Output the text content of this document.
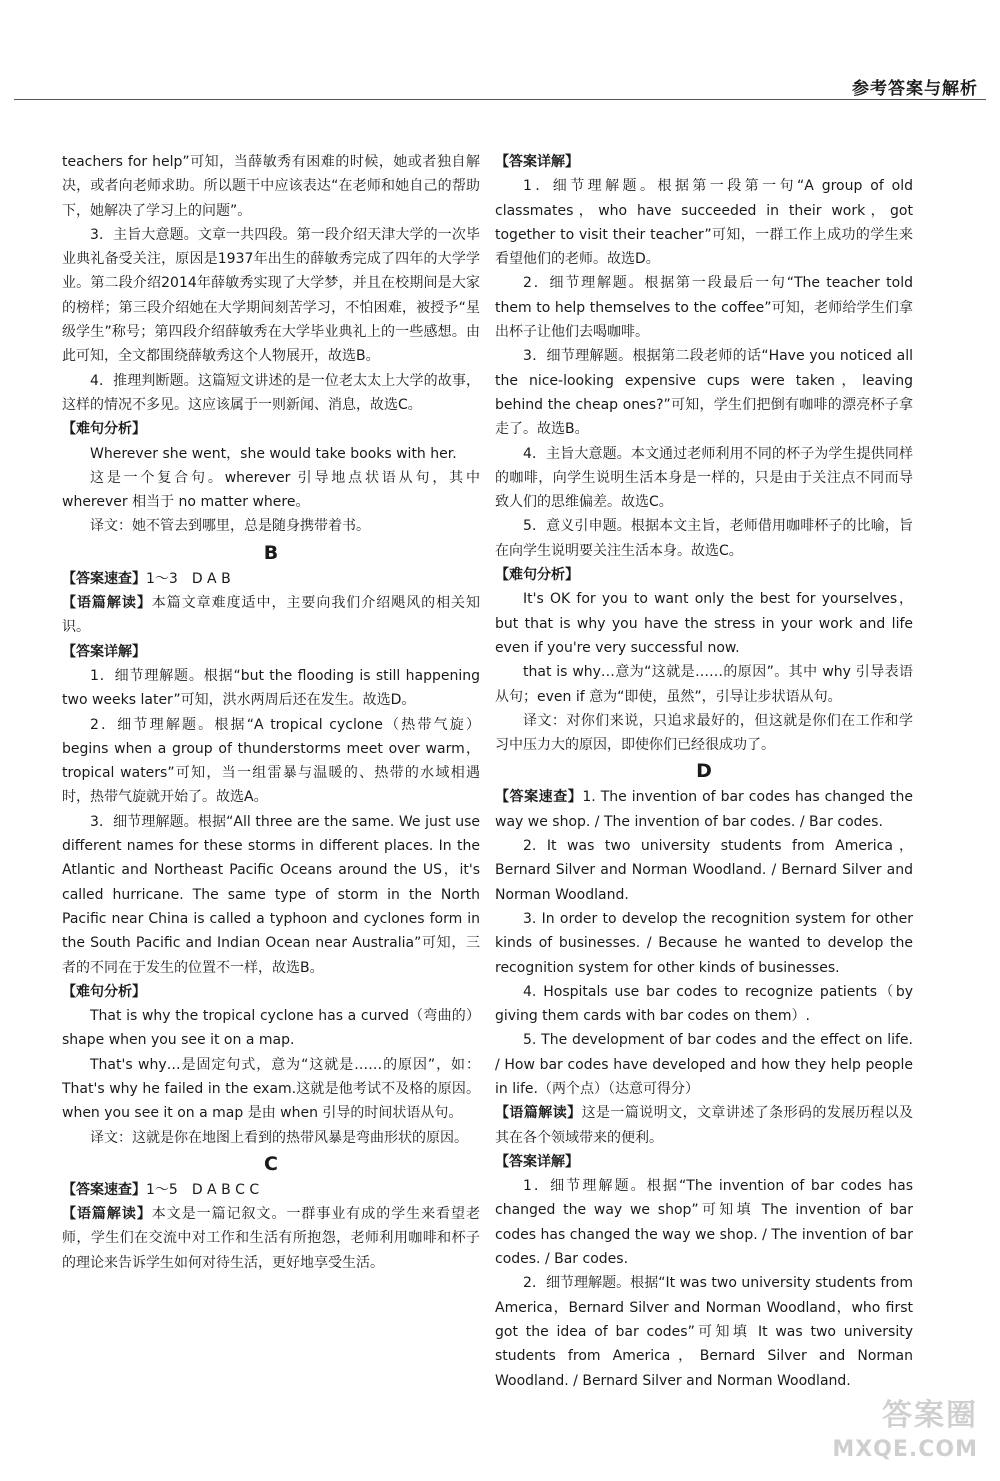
参考答案与解析

teachers for help”可知，当薛敏秀有困难的时候，她或者独自解决，或者向老师求助。所以题干中应该表达“在老师和她自己的帮助下，她解决了学习上的问题”。

3．主旨大意题。文章一共四段。第一段介绍天津大学的一次毕业典礼备受关注，原因是1937年出生的薛敏秀完成了四年的大学学业。第二段介绍2014年薛敏秀实现了大学梦，并且在校期间是大家的榜样；第三段介绍她在大学期间刻苦学习，不怕困难，被授予“星级学生”称号；第四段介绍薛敏秀在大学毕业典礼上的一些感想。由此可知，全文都围绕薛敏秀这个人物展开，故选B。

4．推理判断题。这篇短文讲述的是一位老太太上大学的故事，这样的情况不多见。这应该属于一则新闻、消息，故选C。

【难句分析】

Wherever she went，she would take books with her.

这是一个复合句。wherever 引导地点状语从句，其中 wherever 相当于 no matter where。

译文：她不管去到哪里，总是随身携带着书。

B

【答案速查】1～3　D A B

【语篇解读】本篇文章难度适中，主要向我们介绍飓风的相关知识。

【答案详解】

1．细节理解题。根据“but the flooding is still happening two weeks later”可知，洪水两周后还在发生。故选D。

2．细节理解题。根据“A tropical cyclone（热带气旋）begins when a group of thunderstorms meet over warm，tropical waters”可知，当一组雷暴与温暖的、热带的水域相遇时，热带气旋就开始了。故选A。

3．细节理解题。根据“All three are the same. We just use different names for these storms in different places. In the Atlantic and Northeast Pacific Oceans around the US，it's called hurricane. The same type of storm in the North Pacific near China is called a typhoon and cyclones form in the South Pacific and Indian Ocean near Australia”可知，三者的不同在于发生的位置不一样，故选B。

【难句分析】

That is why the tropical cyclone has a curved（弯曲的）shape when you see it on a map.

That's why…是固定句式，意为“这就是……的原因”，如：That's why he failed in the exam.这就是他考试不及格的原因。when you see it on a map 是由 when 引导的时间状语从句。

译文：这就是你在地图上看到的热带风暴是弯曲形状的原因。

C

【答案速查】1～5　D A B C C

【语篇解读】本文是一篇记叙文。一群事业有成的学生来看望老师，学生们在交流中对工作和生活有所抱怨，老师利用咖啡和杯子的理论来告诉学生如何对待生活，更好地享受生活。

【答案详解】

1．细节理解题。根据第一段第一句“A group of old classmates，who have succeeded in their work，got together to visit their teacher”可知，一群工作上成功的学生来看望他们的老师。故选D。

2．细节理解题。根据第一段最后一句“The teacher told them to help themselves to the coffee”可知，老师给学生们拿出杯子让他们去喝咖啡。

3．细节理解题。根据第二段老师的话“Have you noticed all the nice-looking expensive cups were taken，leaving behind the cheap ones?”可知，学生们把倒有咖啡的漂亮杯子拿走了。故选B。

4．主旨大意题。本文通过老师利用不同的杯子为学生提供同样的咖啡，向学生说明生活本身是一样的，只是由于关注点不同而导致人们的思维偏差。故选C。

5．意义引申题。根据本文主旨，老师借用咖啡杯子的比喻，旨在向学生说明要关注生活本身。故选C。

【难句分析】

It's OK for you to want only the best for yourselves，but that is why you have the stress in your work and life even if you're very successful now.

that is why…意为“这就是……的原因”。其中 why 引导表语从句；even if 意为“即使，虽然”，引导让步状语从句。

译文：对你们来说，只追求最好的，但这就是你们在工作和学习中压力大的原因，即使你们已经很成功了。

D

【答案速查】1. The invention of bar codes has changed the way we shop. / The invention of bar codes. / Bar codes.

2. It was two university students from America，Bernard Silver and Norman Woodland. / Bernard Silver and Norman Woodland.

3. In order to develop the recognition system for other kinds of businesses. / Because he wanted to develop the recognition system for other kinds of businesses.

4. Hospitals use bar codes to recognize patients（by giving them cards with bar codes on them）.

5. The development of bar codes and the effect on life. / How bar codes have developed and how they help people in life.（两个点）（达意可得分）

【语篇解读】这是一篇说明文，文章讲述了条形码的发展历程以及其在各个领域带来的便利。

【答案详解】

1．细节理解题。根据“The invention of bar codes has changed the way we shop”可知填 The invention of bar codes has changed the way we shop. / The invention of bar codes. / Bar codes.

2．细节理解题。根据“It was two university students from America，Bernard Silver and Norman Woodland，who first got the idea of bar codes”可知填 It was two university students from America，Bernard Silver and Norman Woodland. / Bernard Silver and Norman Woodland.

答案圈
MXQE.COM
